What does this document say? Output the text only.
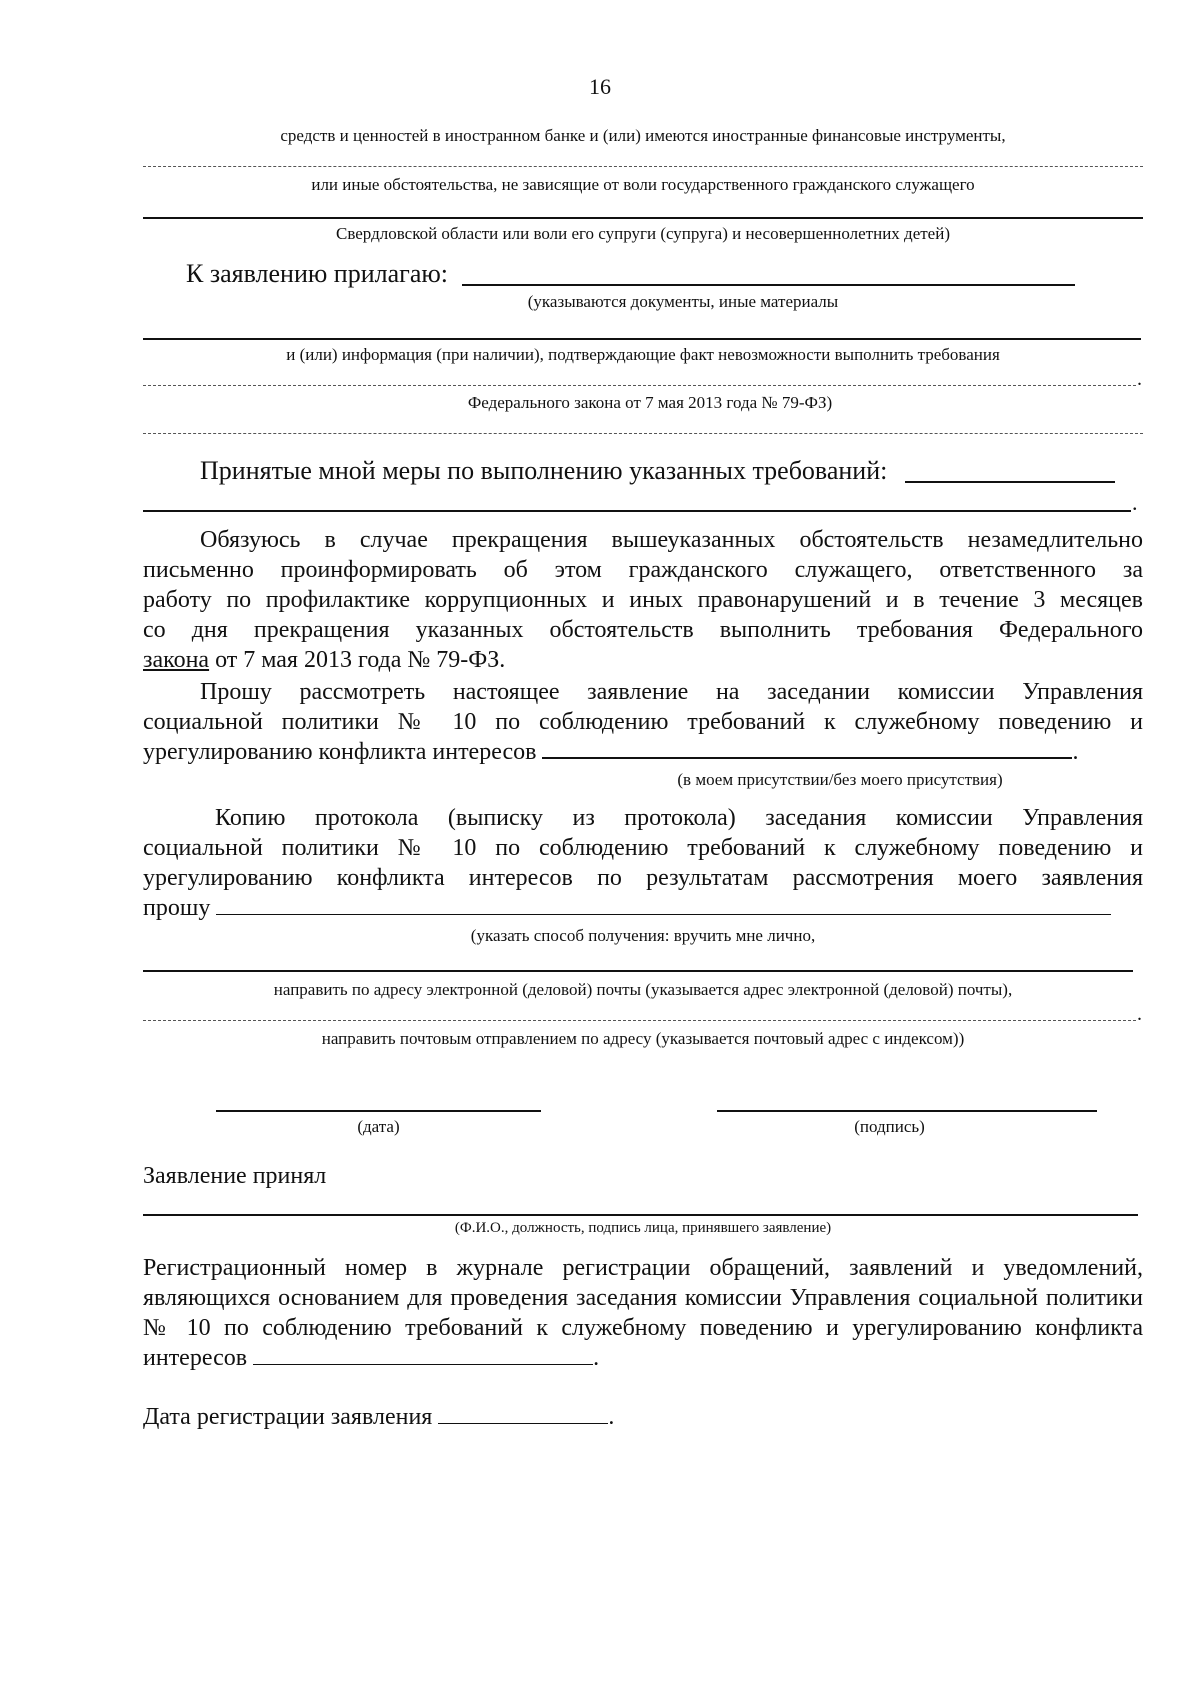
16
средств и ценностей в иностранном банке и (или) имеются иностранные финансовые инструменты,
или иные обстоятельства, не зависящие от воли государственного гражданского служащего
Свердловской области или воли его супруги (супруга) и несовершеннолетних детей)
К заявлению прилагаю:
(указываются документы, иные материалы
и (или) информация (при наличии), подтверждающие факт невозможности выполнить требования
.
Федерального закона от 7 мая 2013 года № 79-ФЗ)
Принятые мной меры по выполнению указанных требований:
.
Обязуюсь в случае прекращения вышеуказанных обстоятельств незамедлительно
письменно проинформировать об этом гражданского служащего, ответственного за
работу по профилактике коррупционных и иных правонарушений и в течение 3 месяцев
со дня прекращения указанных обстоятельств выполнить требования Федерального
закона от 7 мая 2013 года № 79-ФЗ.
Прошу рассмотреть настоящее заявление на заседании комиссии Управления
социальной политики № 10 по соблюдению требований к служебному поведению и
урегулированию конфликта интересов	.
(в моем присутствии/без моего присутствия)
Копию протокола (выписку из протокола) заседания комиссии Управления
социальной политики № 10 по соблюдению требований к служебному поведению и
урегулированию конфликта интересов по результатам рассмотрения моего заявления
прошу
(указать способ получения: вручить мне лично,
направить по адресу электронной (деловой) почты (указывается адрес электронной (деловой) почты),
.
направить почтовым отправлением по адресу (указывается почтовый адрес с индексом))
(дата)	(подпись)
Заявление принял
(Ф.И.О., должность, подпись лица, принявшего заявление)
Регистрационный номер в журнале регистрации обращений, заявлений и уведомлений,
являющихся основанием для проведения заседания комиссии Управления социальной политики
№ 10 по соблюдению требований к служебному поведению и урегулированию конфликта
интересов	.
Дата регистрации заявления	.
